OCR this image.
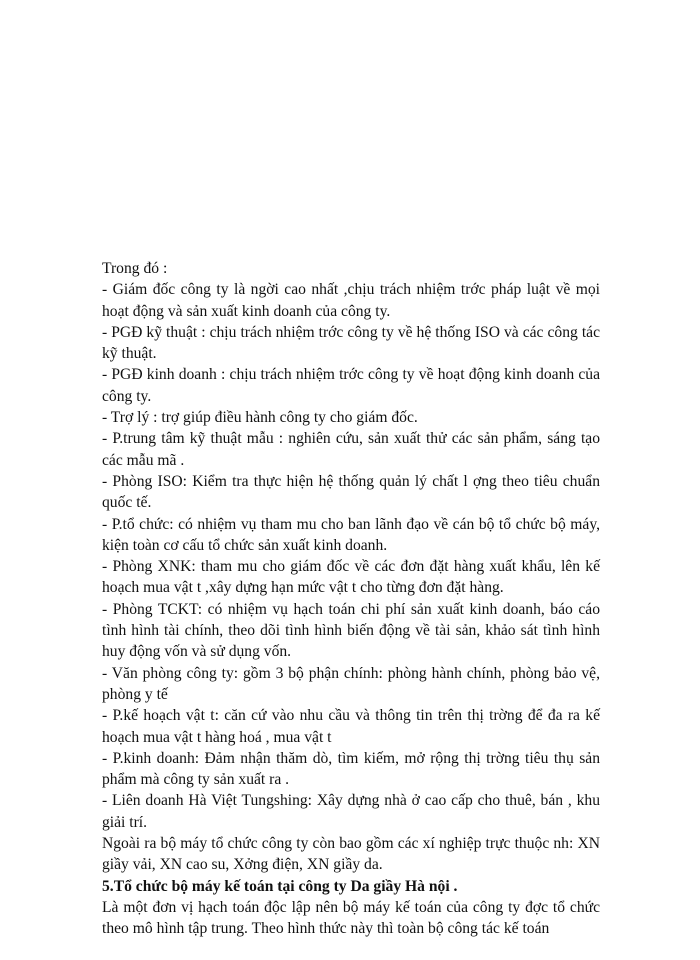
Trong đó :

- Giám đốc công ty là ngời cao nhất ,chịu trách nhiệm trớc pháp luật về mọi hoạt động và sản xuất kinh doanh của công ty.

- PGĐ kỹ thuật : chịu trách nhiệm trớc công ty về hệ thống ISO và các công tác kỹ thuật.

- PGĐ kinh doanh : chịu trách nhiệm trớc công ty về hoạt động kinh doanh của công ty.

- Trợ lý : trợ giúp điều hành công ty cho giám đốc.

- P.trung tâm kỹ thuật mẫu : nghiên cứu, sản xuất thử các sản phẩm, sáng tạo các mẫu mã .

- Phòng ISO: Kiểm tra thực hiện hệ thống quản lý chất l ợng theo tiêu chuẩn quốc tế.

- P.tổ chức: có nhiệm vụ tham mu cho ban lãnh đạo về cán bộ tổ chức bộ máy, kiện toàn cơ cấu tổ chức sản xuất kinh doanh.

- Phòng XNK: tham mu cho giám đốc về các đơn đặt hàng xuất khẩu, lên kế hoạch mua vật t ,xây dựng hạn mức vật t cho từng đơn đặt hàng.

- Phòng TCKT: có nhiệm vụ hạch toán chi phí sản xuất kinh doanh, báo cáo tình hình tài chính, theo dõi tình hình biến động về tài sản, khảo sát tình hình huy động vốn và sử dụng vốn.

- Văn phòng công ty: gồm 3 bộ phận chính: phòng hành chính, phòng bảo vệ, phòng y tế

- P.kế hoạch vật t: căn cứ vào nhu cầu và thông tin trên thị trờng để đa ra kế hoạch mua vật t hàng hoá , mua vật t

- P.kinh doanh: Đảm nhận thăm dò, tìm kiếm, mở rộng thị trờng tiêu thụ sản phẩm mà công ty sản xuất ra .

- Liên doanh Hà Việt Tungshing: Xây dựng nhà ở cao cấp cho thuê, bán , khu giải trí.

Ngoài ra bộ máy tổ chức công ty còn bao gồm các xí nghiệp trực thuộc nh: XN giầy vải, XN cao su, Xởng điện, XN giầy da.

5.Tổ chức bộ máy kế toán tại công ty Da giầy Hà nội .

Là một đơn vị hạch toán độc lập nên bộ máy kế toán của công ty đợc tổ chức theo mô hình tập trung. Theo hình thức này thì toàn bộ công tác kế toán
